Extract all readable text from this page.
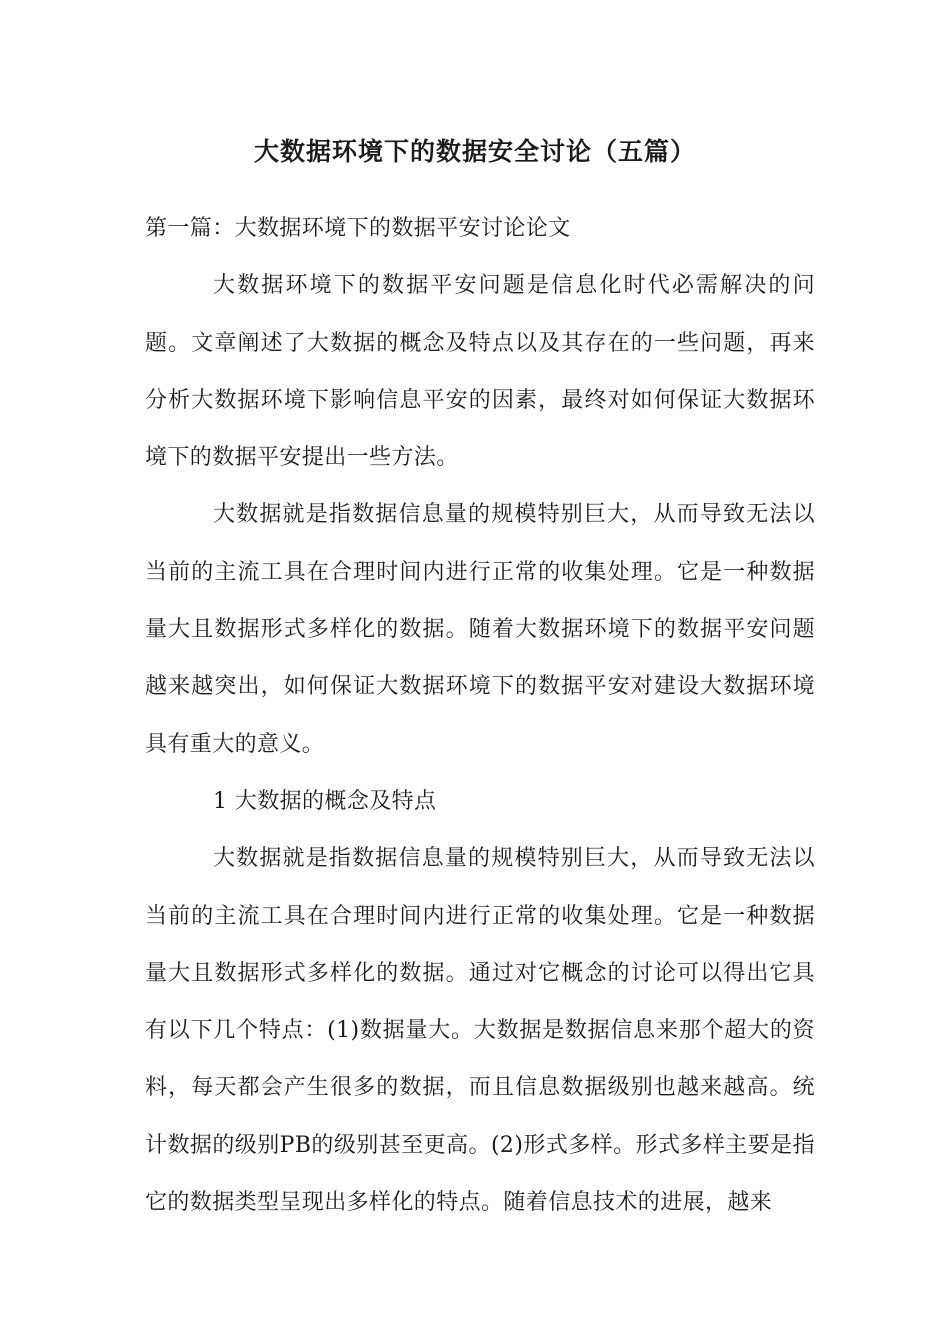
大数据环境下的数据安全讨论（五篇）

第一篇：大数据环境下的数据平安讨论论文

大数据环境下的数据平安问题是信息化时代必需解决的问题。文章阐述了大数据的概念及特点以及其存在的一些问题，再来分析大数据环境下影响信息平安的因素，最终对如何保证大数据环境下的数据平安提出一些方法。

大数据就是指数据信息量的规模特别巨大，从而导致无法以当前的主流工具在合理时间内进行正常的收集处理。它是一种数据量大且数据形式多样化的数据。随着大数据环境下的数据平安问题越来越突出，如何保证大数据环境下的数据平安对建设大数据环境具有重大的意义。

1 大数据的概念及特点

大数据就是指数据信息量的规模特别巨大，从而导致无法以当前的主流工具在合理时间内进行正常的收集处理。它是一种数据量大且数据形式多样化的数据。通过对它概念的讨论可以得出它具有以下几个特点：(1)数据量大。大数据是数据信息来那个超大的资料，每天都会产生很多的数据，而且信息数据级别也越来越高。统计数据的级别PB的级别甚至更高。(2)形式多样。形式多样主要是指它的数据类型呈现出多样化的特点。随着信息技术的进展，越来
